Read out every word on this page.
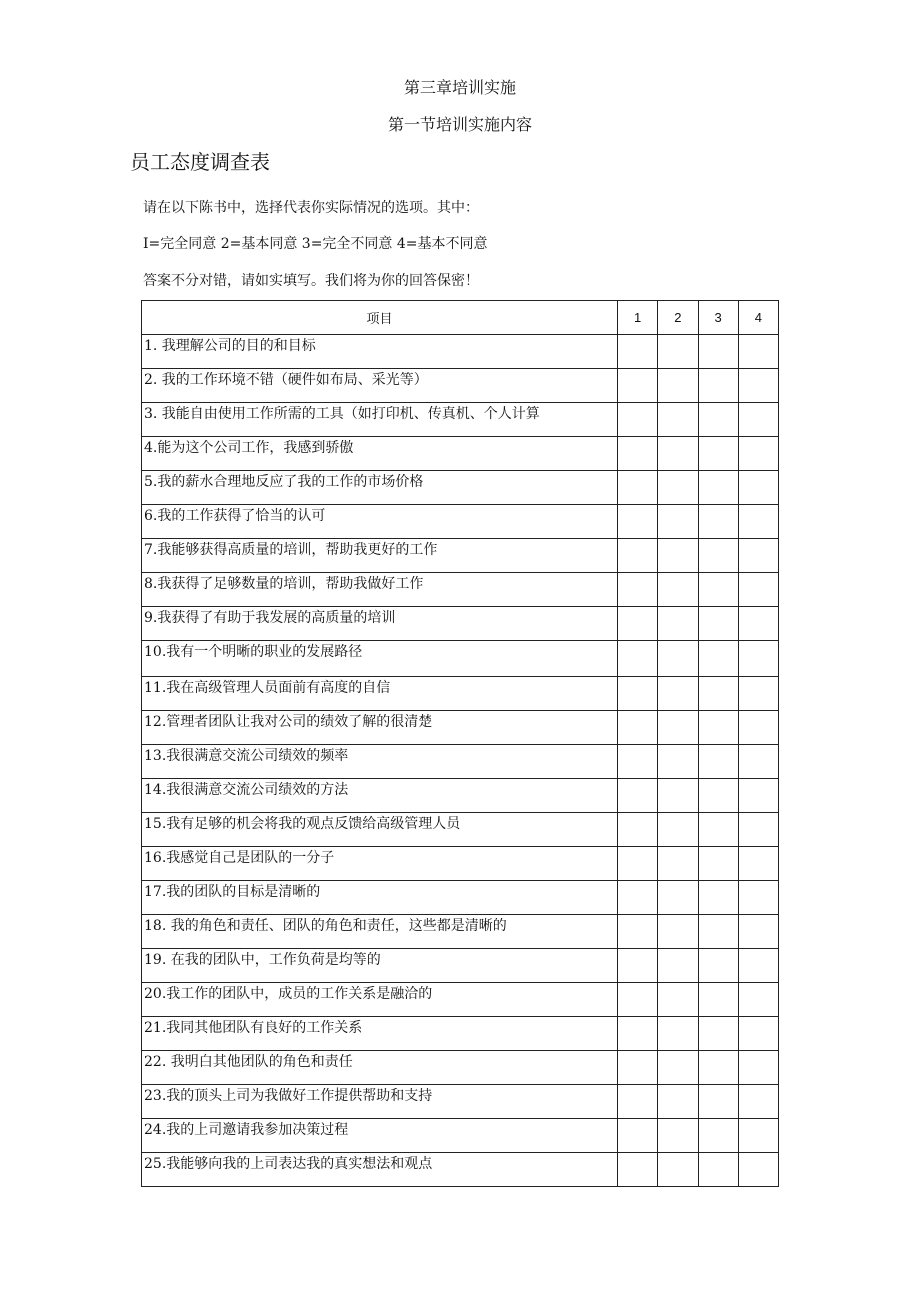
第三章培训实施
第一节培训实施内容
员工态度调查表
请在以下陈书中，选择代表你实际情况的选项。其中：
I=完全同意 2=基本同意 3=完全不同意 4=基本不同意
答案不分对错，请如实填写。我们将为你的回答保密！
项目	1	2	3	4
1. 我理解公司的目的和目标				
2. 我的工作环境不错（硬件如布局、采光等）				
3. 我能自由使用工作所需的工具（如打印机、传真机、个人计算				
4.能为这个公司工作，我感到骄傲				
5.我的薪水合理地反应了我的工作的市场价格				
6.我的工作获得了恰当的认可				
7.我能够获得高质量的培训，帮助我更好的工作				
8.我获得了足够数量的培训，帮助我做好工作				
9.我获得了有助于我发展的高质量的培训				
10.我有一个明晰的职业的发展路径				
11.我在高级管理人员面前有高度的自信				
12.管理者团队让我对公司的绩效了解的很清楚				
13.我很满意交流公司绩效的频率				
14.我很满意交流公司绩效的方法				
15.我有足够的机会将我的观点反馈给高级管理人员				
16.我感觉自己是团队的一分子				
17.我的团队的目标是清晰的				
18. 我的角色和责任、团队的角色和责任，这些都是清晰的				
19. 在我的团队中，工作负荷是均等的				
20.我工作的团队中，成员的工作关系是融洽的				
21.我同其他团队有良好的工作关系				
22. 我明白其他团队的角色和责任				
23.我的顶头上司为我做好工作提供帮助和支持				
24.我的上司邀请我参加决策过程				
25.我能够向我的上司表达我的真实想法和观点				
